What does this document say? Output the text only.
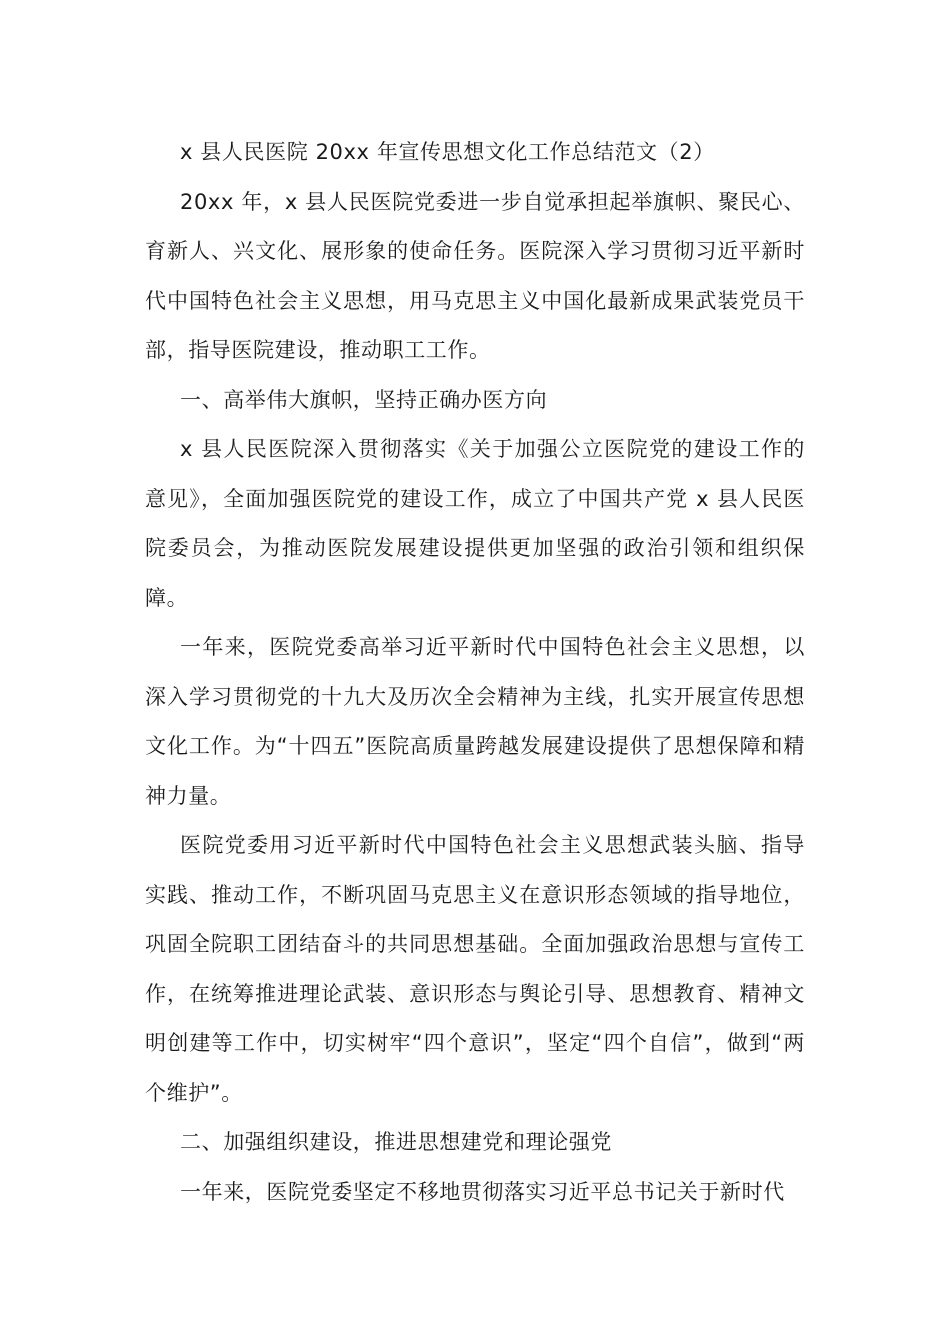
x 县人民医院 20xx 年宣传思想文化工作总结范文（2）

20xx 年，x 县人民医院党委进一步自觉承担起举旗帜、聚民心、育新人、兴文化、展形象的使命任务。医院深入学习贯彻习近平新时代中国特色社会主义思想，用马克思主义中国化最新成果武装党员干部，指导医院建设，推动职工工作。

一、高举伟大旗帜，坚持正确办医方向

x 县人民医院深入贯彻落实《关于加强公立医院党的建设工作的意见》，全面加强医院党的建设工作，成立了中国共产党 x 县人民医院委员会，为推动医院发展建设提供更加坚强的政治引领和组织保障。

一年来，医院党委高举习近平新时代中国特色社会主义思想，以深入学习贯彻党的十九大及历次全会精神为主线，扎实开展宣传思想文化工作。为“十四五”医院高质量跨越发展建设提供了思想保障和精神力量。

医院党委用习近平新时代中国特色社会主义思想武装头脑、指导实践、推动工作，不断巩固马克思主义在意识形态领域的指导地位，巩固全院职工团结奋斗的共同思想基础。全面加强政治思想与宣传工作，在统筹推进理论武装、意识形态与舆论引导、思想教育、精神文明创建等工作中，切实树牢“四个意识”，坚定“四个自信”，做到“两个维护”。

二、加强组织建设，推进思想建党和理论强党

一年来，医院党委坚定不移地贯彻落实习近平总书记关于新时代
